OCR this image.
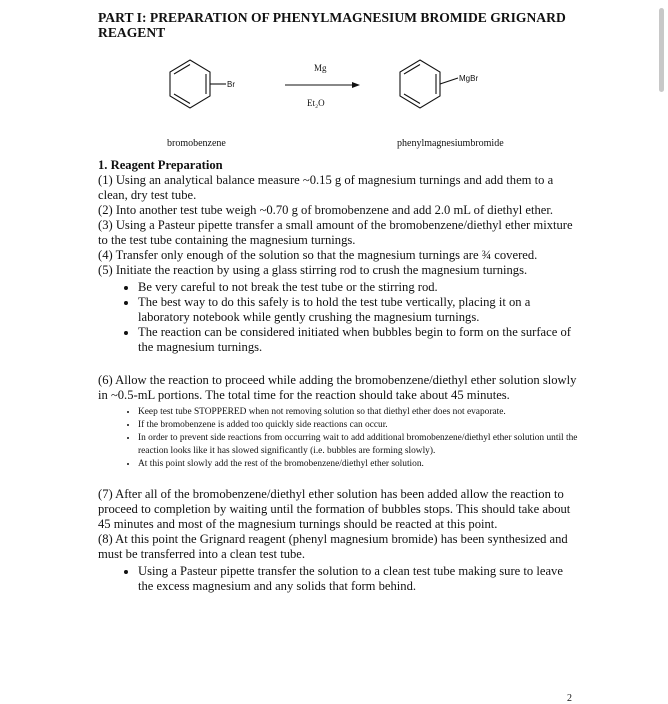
PART I: PREPARATION OF PHENYLMAGNESIUM BROMIDE GRIGNARD REAGENT
Br
Mg
Et₂O
MgBr
bromobenzene	phenylmagnesiumbromide

1. Reagent Preparation

(1) Using an analytical balance measure ~0.15 g of magnesium turnings and add them to a clean, dry test tube.

(2) Into another test tube weigh ~0.70 g of bromobenzene and add 2.0 mL of diethyl ether.

(3) Using a Pasteur pipette transfer a small amount of the bromobenzene/diethyl ether mixture to the test tube containing the magnesium turnings.

(4) Transfer only enough of the solution so that the magnesium turnings are ¾ covered.

(5) Initiate the reaction by using a glass stirring rod to crush the magnesium turnings.

• Be very careful to not break the test tube or the stirring rod.
• The best way to do this safely is to hold the test tube vertically, placing it on a laboratory notebook while gently crushing the magnesium turnings.
• The reaction can be considered initiated when bubbles begin to form on the surface of the magnesium turnings.

(6) Allow the reaction to proceed while adding the bromobenzene/diethyl ether solution slowly in ~0.5-mL portions. The total time for the reaction should take about 45 minutes.

• Keep test tube STOPPERED when not removing solution so that diethyl ether does not evaporate.
• If the bromobenzene is added too quickly side reactions can occur.
• In order to prevent side reactions from occurring wait to add additional bromobenzene/diethyl ether solution until the reaction looks like it has slowed significantly (i.e. bubbles are forming slowly).
• At this point slowly add the rest of the bromobenzene/diethyl ether solution.

(7) After all of the bromobenzene/diethyl ether solution has been added allow the reaction to proceed to completion by waiting until the formation of bubbles stops. This should take about 45 minutes and most of the magnesium turnings should be reacted at this point.

(8) At this point the Grignard reagent (phenyl magnesium bromide) has been synthesized and must be transferred into a clean test tube.

• Using a Pasteur pipette transfer the solution to a clean test tube making sure to leave the excess magnesium and any solids that form behind.
2
